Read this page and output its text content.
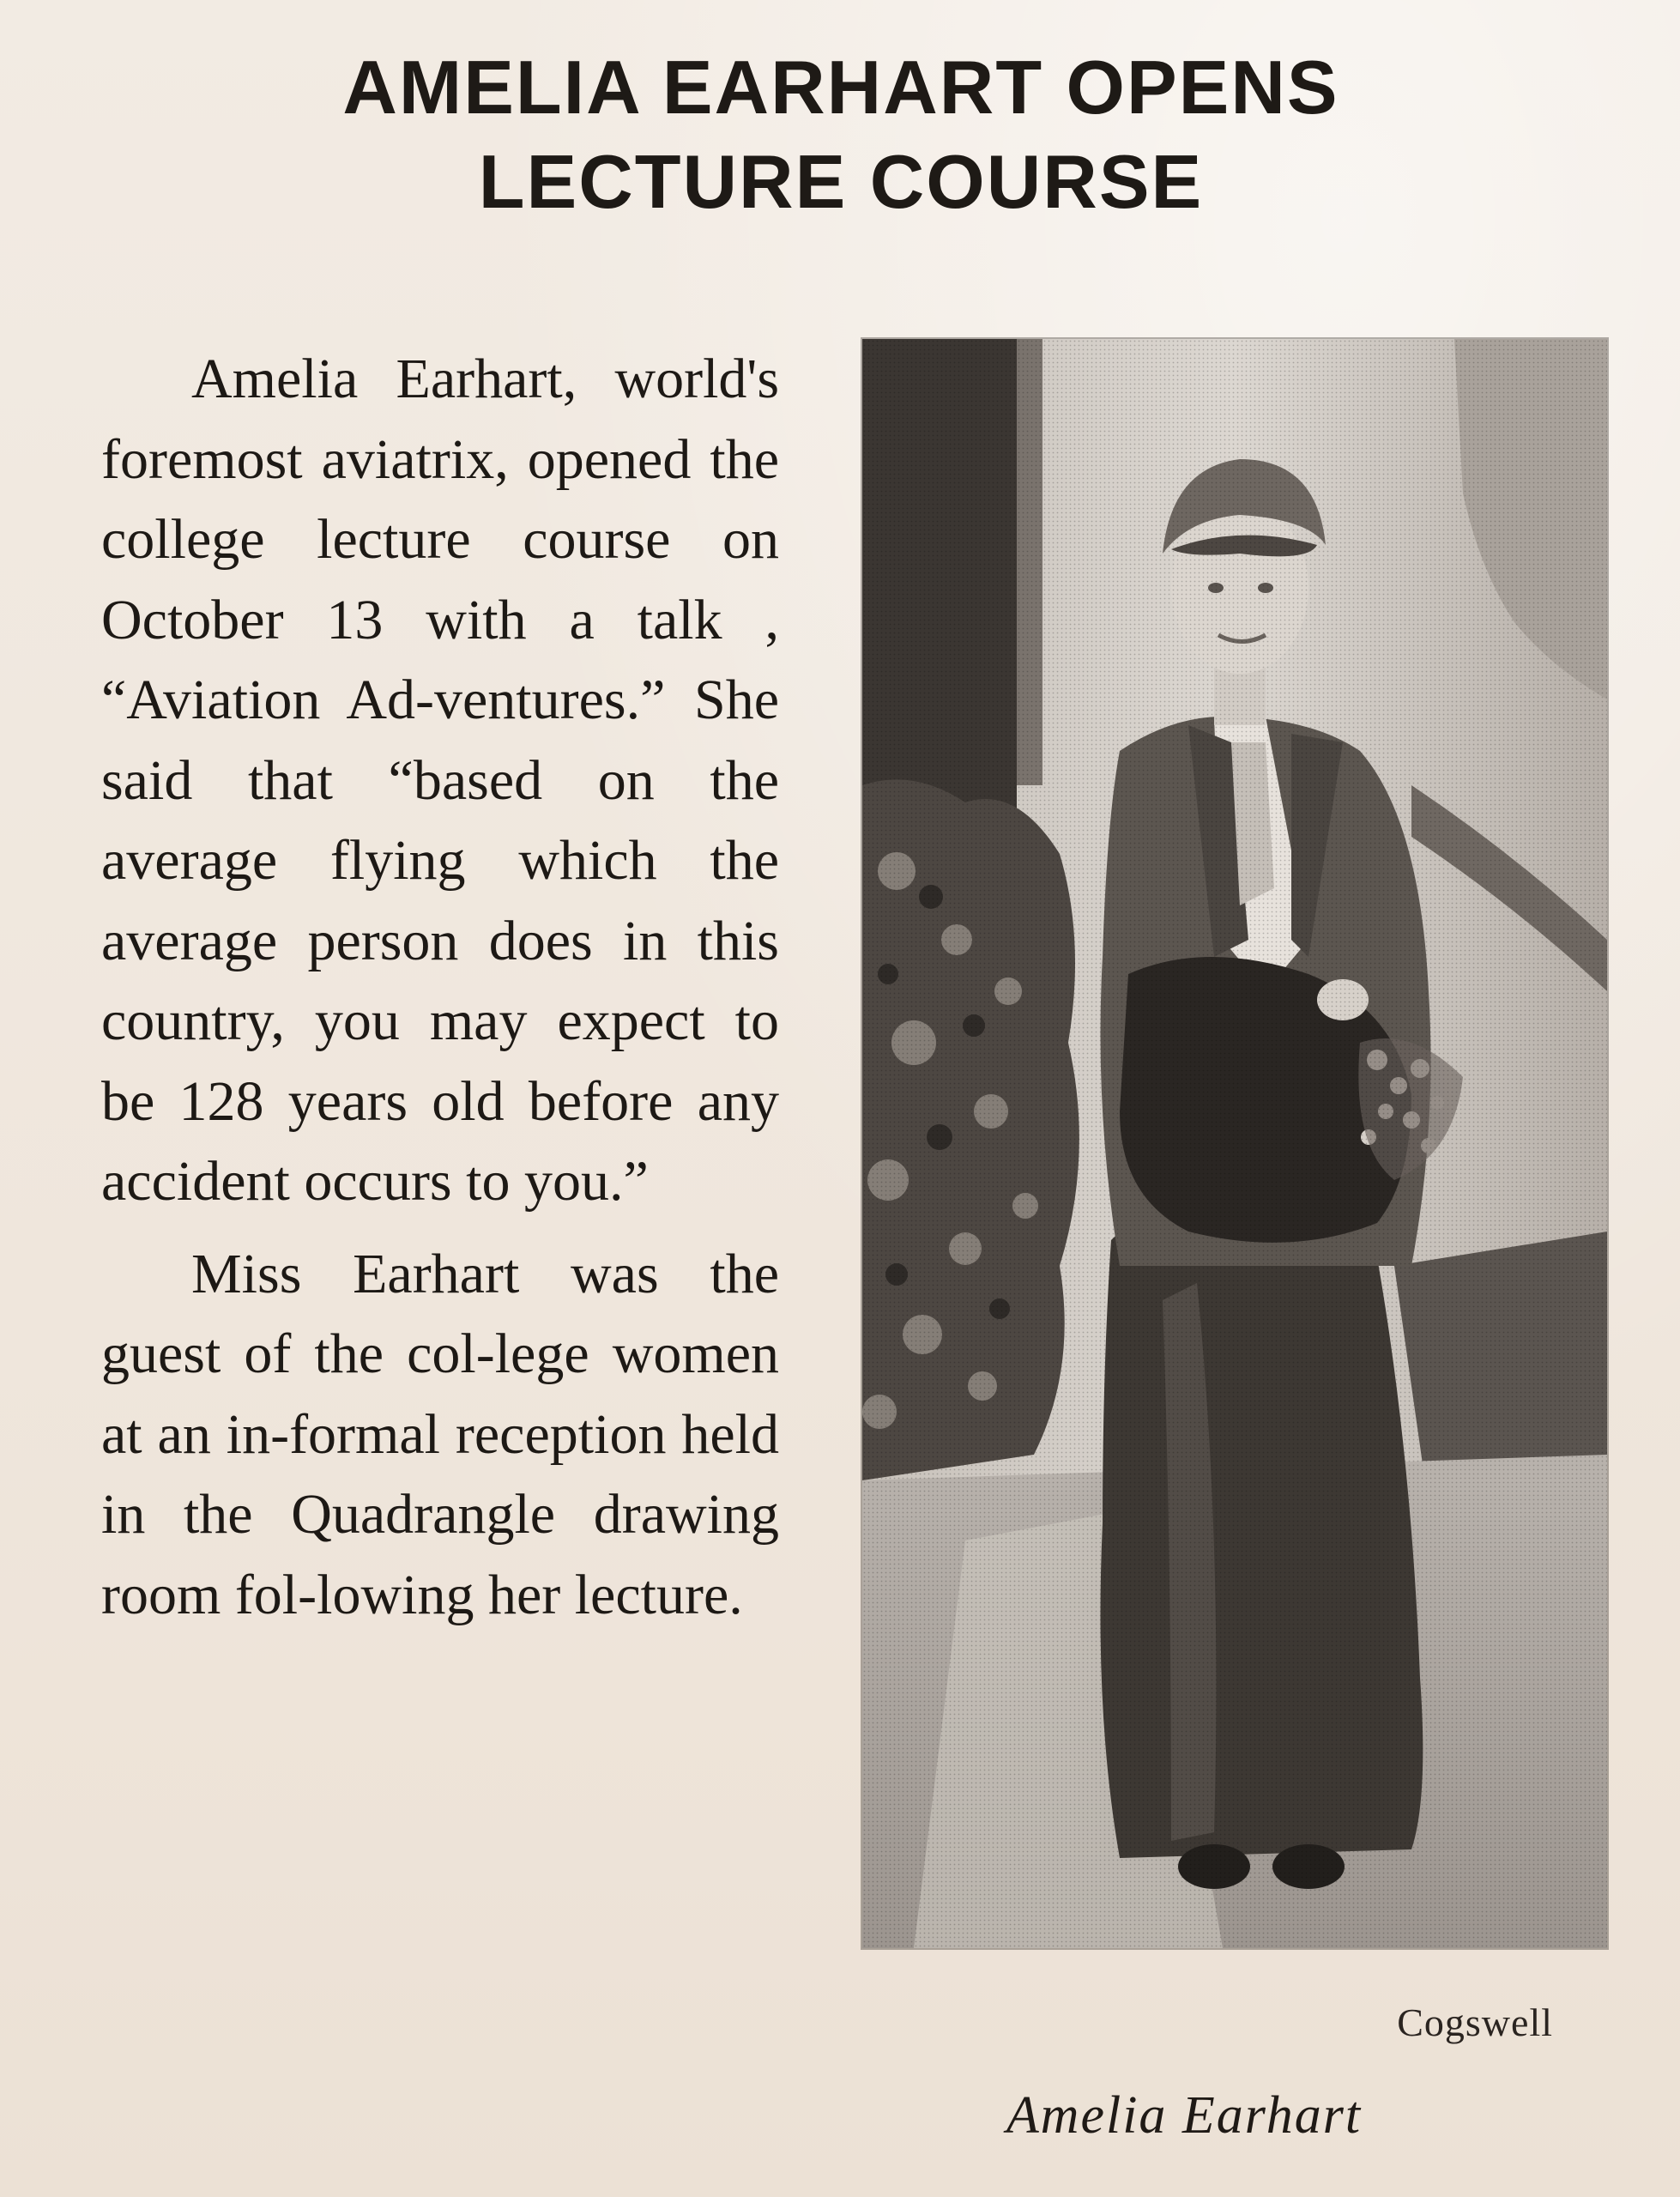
AMELIA EARHART OPENS
LECTURE COURSE

Amelia Earhart, world's foremost aviatrix, opened the college lecture course on October 13 with a talk , “Aviation Ad-ventures.” She said that “based on the average flying which the average person does in this country, you may expect to be 128 years old before any accident occurs to you.”

Miss Earhart was the guest of the col-lege women at an in-formal reception held in the Quadrangle drawing room fol-lowing her lecture.

Cogswell
Amelia Earhart
